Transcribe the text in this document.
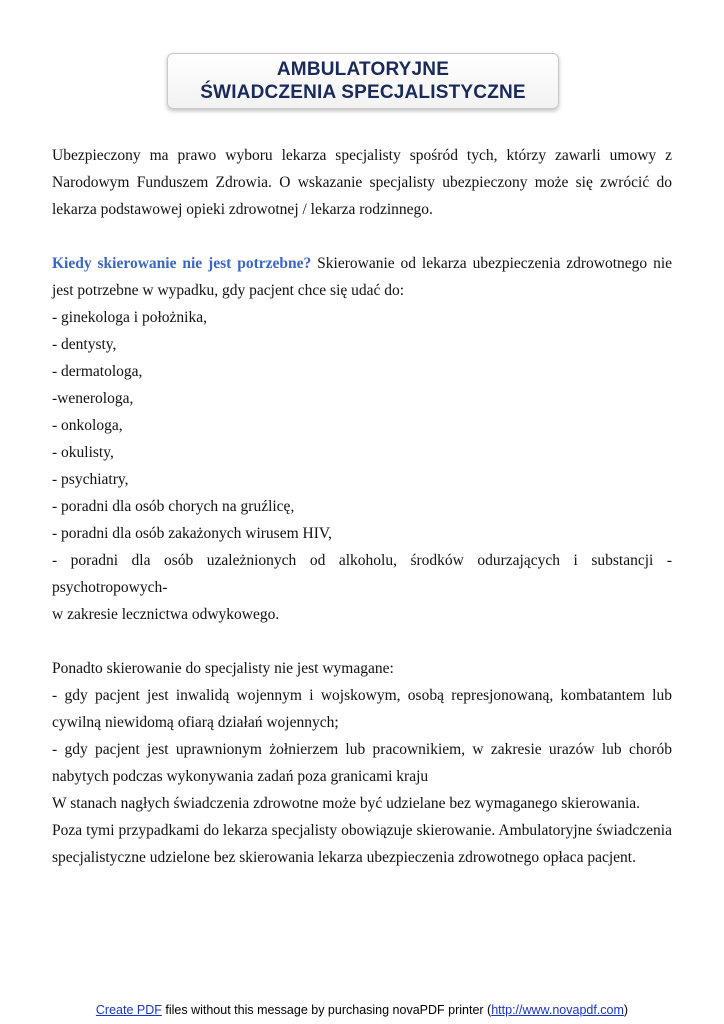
AMBULATORYJNE
ŚWIADCZENIA SPECJALISTYCZNE

Ubezpieczony ma prawo wyboru lekarza specjalisty spośród tych, którzy zawarli umowy z Narodowym Funduszem Zdrowia. O wskazanie specjalisty ubezpieczony może się zwrócić do lekarza podstawowej opieki zdrowotnej / lekarza rodzinnego.

Kiedy skierowanie nie jest potrzebne? Skierowanie od lekarza ubezpieczenia zdrowotnego nie jest potrzebne w wypadku, gdy pacjent chce się udać do:

- ginekologa i położnika,

- dentysty,

- dermatologa,

-wenerologa,

- onkologa,

- okulisty,

- psychiatry,

- poradni dla osób chorych na gruźlicę,

- poradni dla osób zakażonych wirusem HIV,

- poradni dla osób uzależnionych od alkoholu, środków odurzających i substancji - psychotropowych-

w zakresie lecznictwa odwykowego.

Ponadto skierowanie do specjalisty nie jest wymagane:

- gdy pacjent jest inwalidą wojennym i wojskowym, osobą represjonowaną, kombatantem lub cywilną niewidomą ofiarą działań wojennych;

- gdy pacjent jest uprawnionym żołnierzem lub pracownikiem, w zakresie urazów lub chorób nabytych podczas wykonywania zadań poza granicami kraju

W stanach nagłych świadczenia zdrowotne może być udzielane bez wymaganego skierowania.

Poza tymi przypadkami do lekarza specjalisty obowiązuje skierowanie. Ambulatoryjne świadczenia specjalistyczne udzielone bez skierowania lekarza ubezpieczenia zdrowotnego opłaca pacjent.

Create PDF files without this message by purchasing novaPDF printer (http://www.novapdf.com)
